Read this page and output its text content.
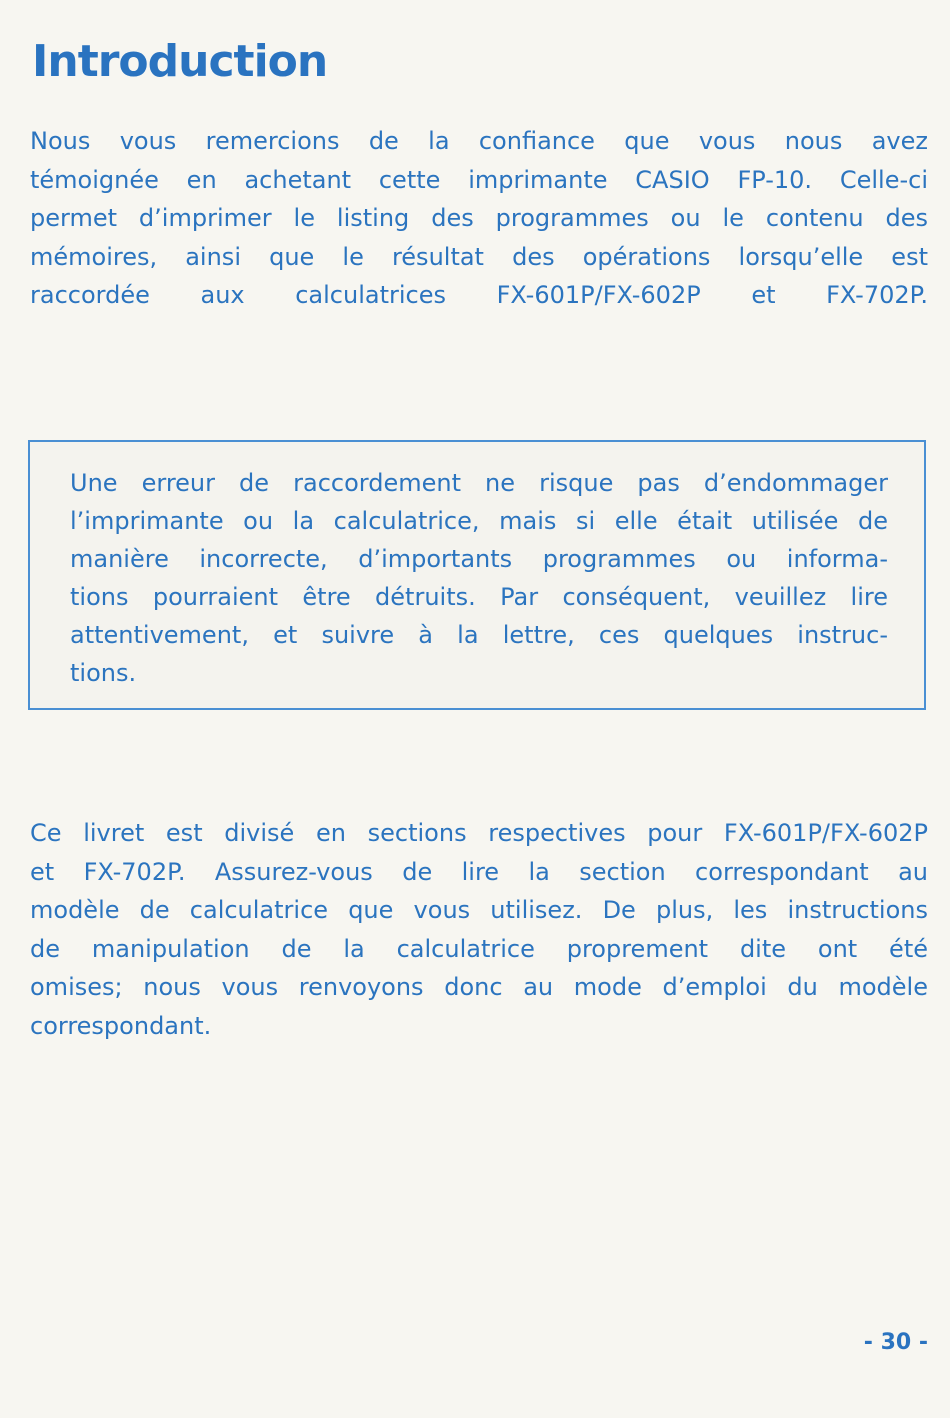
Introduction
Nous vous remercions de la confiance que vous nous avez
témoignée en achetant cette imprimante CASIO FP-10. Celle-ci
permet d’imprimer le listing des programmes ou le contenu des
mémoires, ainsi que le résultat des opérations lorsqu’elle est
raccordée aux calculatrices FX-601P/FX-602P et FX-702P.
Une erreur de raccordement ne risque pas d’endommager
l’imprimante ou la calculatrice, mais si elle était utilisée de
manière incorrecte, d’importants programmes ou informa-
tions pourraient être détruits. Par conséquent, veuillez lire
attentivement, et suivre à la lettre, ces quelques instruc-
tions.
Ce livret est divisé en sections respectives pour FX-601P/FX-602P
et FX-702P. Assurez-vous de lire la section correspondant au
modèle de calculatrice que vous utilisez. De plus, les instructions
de manipulation de la calculatrice proprement dite ont été
omises; nous vous renvoyons donc au mode d’emploi du modèle
correspondant.
- 30 -
